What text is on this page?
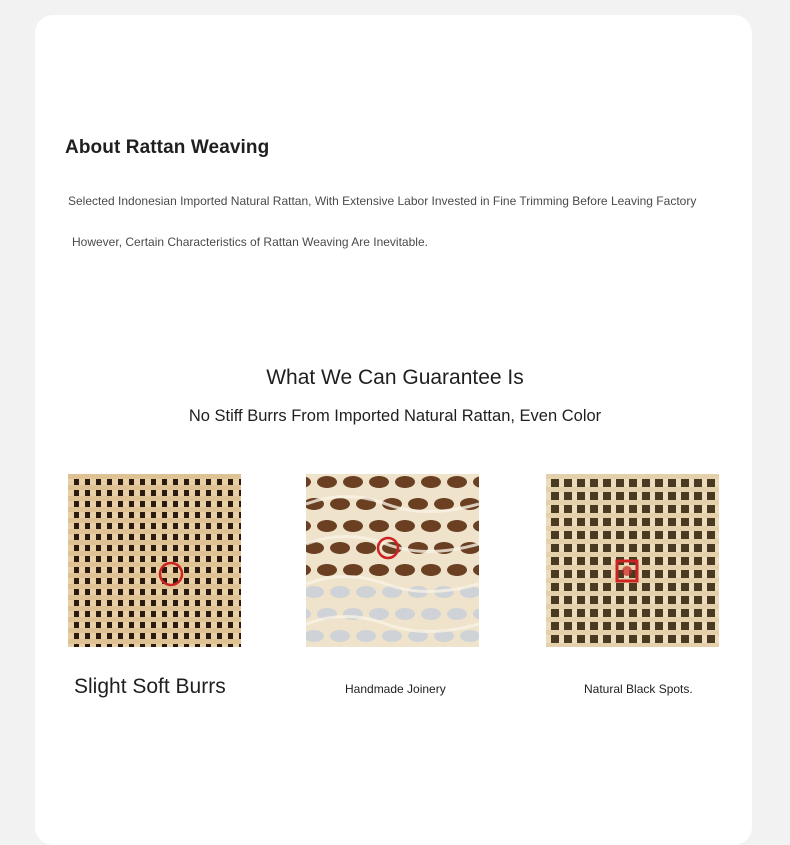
About Rattan Weaving
Selected Indonesian Imported Natural Rattan, With Extensive Labor Invested in Fine Trimming Before Leaving Factory
However, Certain Characteristics of Rattan Weaving Are Inevitable.
What We Can Guarantee Is
No Stiff Burrs From Imported Natural Rattan, Even Color
Slight Soft Burrs	Handmade Joinery	Natural Black Spots.
